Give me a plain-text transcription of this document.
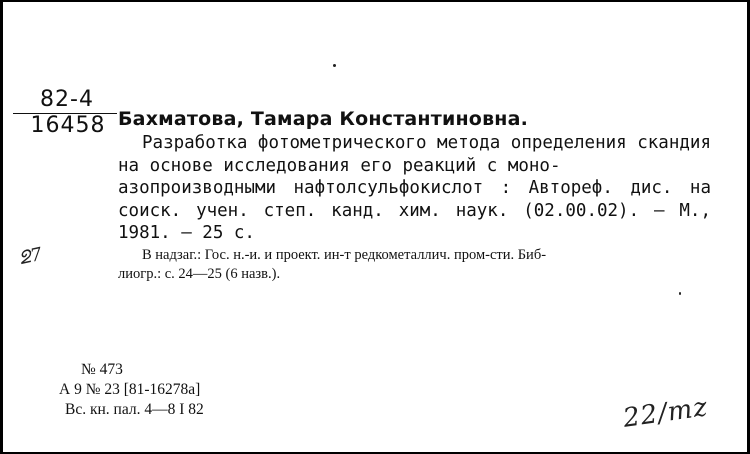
82-4
16458 Бахматова, Тамара Константиновна.
Разработка фотометрического метода определения скандия на основе исследования его реакций с моно-
азопроизводными нафтолсульфокислот : Автореф. дис. на соиск. учен. степ. канд. хим. наук. (02.00.02). — М., 1981. — 25 с.
ᘖ7	В надзаг.: Гос. н.-и. и проект. ин-т редкометаллич. пром-сти. Биб-
лиогр.: с. 24—25 (6 назв.).
№ 473
А 9 № 23 [81-16278а]
Вс. кн. пал. 4—8 I 82	22/mz
